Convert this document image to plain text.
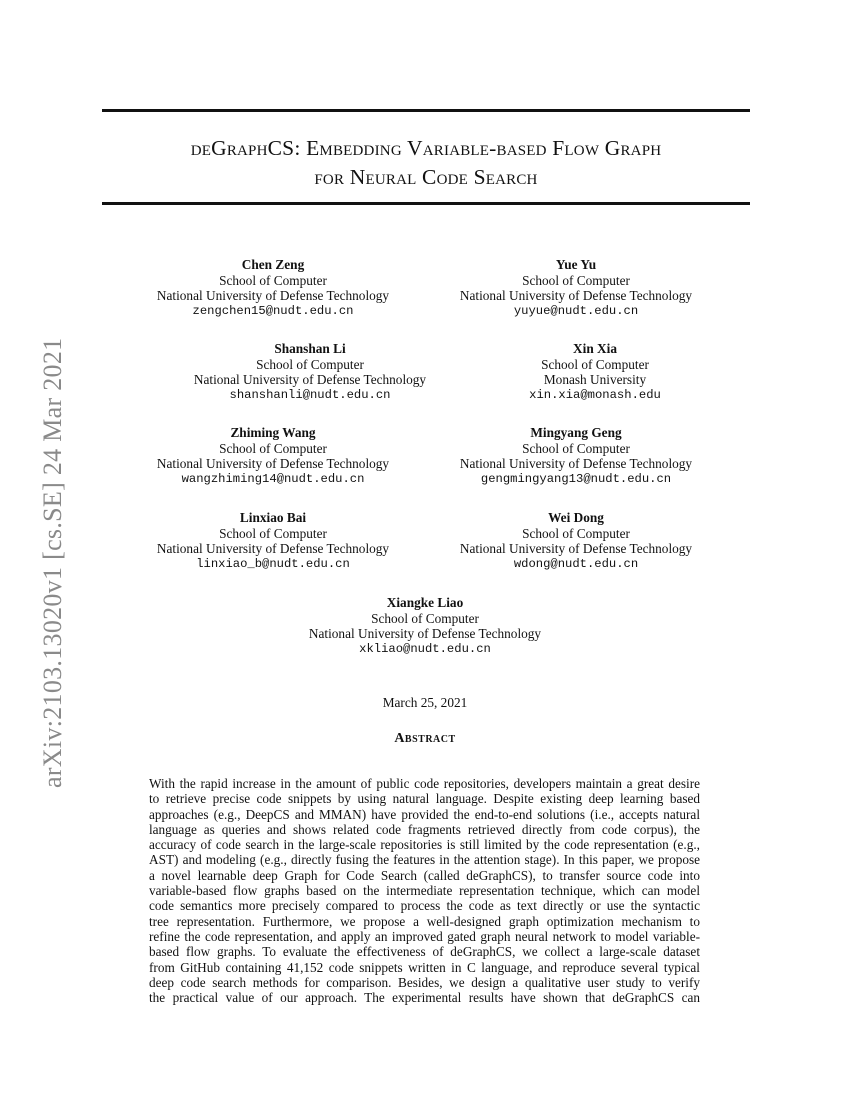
arXiv:2103.13020v1 [cs.SE] 24 Mar 2021
deGraphCS: Embedding Variable-based Flow Graph
for Neural Code Search
Chen Zeng
School of Computer
National University of Defense Technology
zengchen15@nudt.edu.cn
Yue Yu
School of Computer
National University of Defense Technology
yuyue@nudt.edu.cn
Shanshan Li
School of Computer
National University of Defense Technology
shanshanli@nudt.edu.cn
Xin Xia
School of Computer
Monash University
xin.xia@monash.edu
Zhiming Wang
School of Computer
National University of Defense Technology
wangzhiming14@nudt.edu.cn
Mingyang Geng
School of Computer
National University of Defense Technology
gengmingyang13@nudt.edu.cn
Linxiao Bai
School of Computer
National University of Defense Technology
linxiao_b@nudt.edu.cn
Wei Dong
School of Computer
National University of Defense Technology
wdong@nudt.edu.cn
Xiangke Liao
School of Computer
National University of Defense Technology
xkliao@nudt.edu.cn
March 25, 2021
Abstract
With the rapid increase in the amount of public code repositories, developers maintain a great desire
to retrieve precise code snippets by using natural language. Despite existing deep learning based
approaches (e.g., DeepCS and MMAN) have provided the end-to-end solutions (i.e., accepts natural
language as queries and shows related code fragments retrieved directly from code corpus), the
accuracy of code search in the large-scale repositories is still limited by the code representation (e.g.,
AST) and modeling (e.g., directly fusing the features in the attention stage). In this paper, we propose
a novel learnable deep Graph for Code Search (called deGraphCS), to transfer source code into
variable-based flow graphs based on the intermediate representation technique, which can model
code semantics more precisely compared to process the code as text directly or use the syntactic
tree representation. Furthermore, we propose a well-designed graph optimization mechanism to
refine the code representation, and apply an improved gated graph neural network to model variable-
based flow graphs. To evaluate the effectiveness of deGraphCS, we collect a large-scale dataset
from GitHub containing 41,152 code snippets written in C language, and reproduce several typical
deep code search methods for comparison. Besides, we design a qualitative user study to verify
the practical value of our approach. The experimental results have shown that deGraphCS can
